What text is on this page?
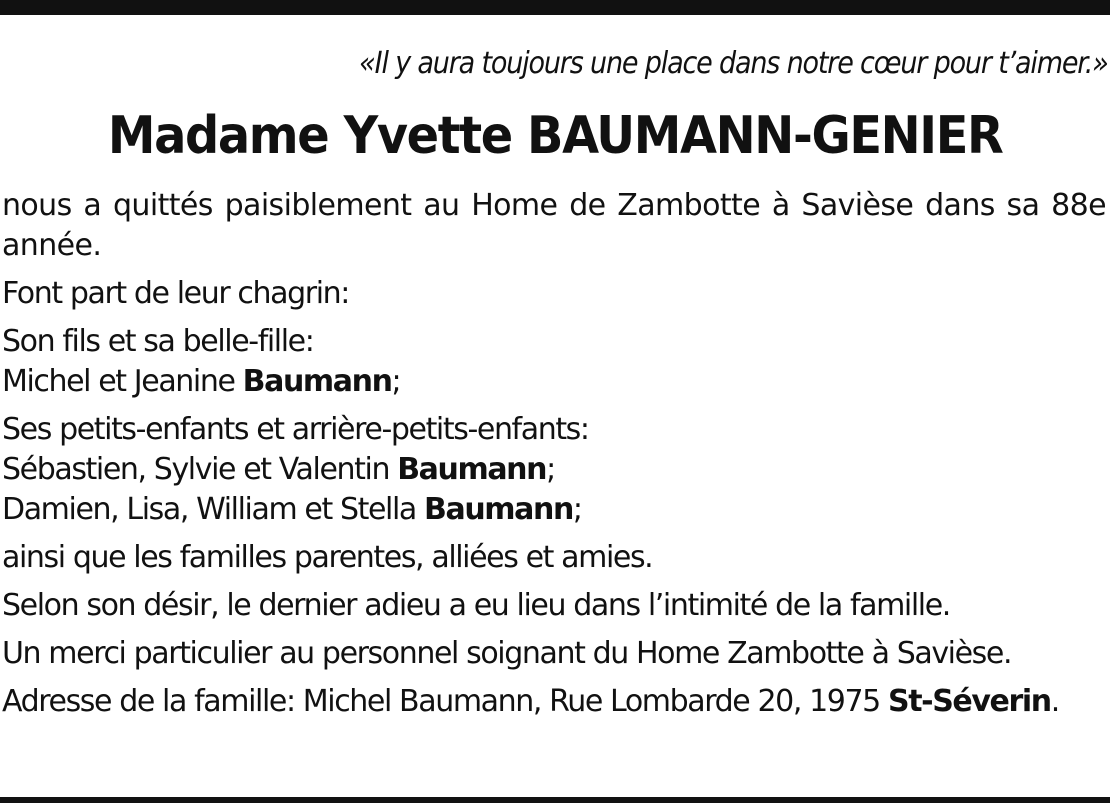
«Il y aura toujours une place dans notre cœur pour t’aimer.»
Madame Yvette BAUMANN-GENIER

nous a quittés paisiblement au Home de Zambotte à Savièse dans sa 88e année.

Font part de leur chagrin:

Son fils et sa belle-fille:
Michel et Jeanine Baumann;

Ses petits-enfants et arrière-petits-enfants:
Sébastien, Sylvie et Valentin Baumann;
Damien, Lisa, William et Stella Baumann;

ainsi que les familles parentes, alliées et amies.

Selon son désir, le dernier adieu a eu lieu dans l’intimité de la famille.

Un merci particulier au personnel soignant du Home Zambotte à Savièse.

Adresse de la famille: Michel Baumann, Rue Lombarde 20, 1975 St-Séverin.
